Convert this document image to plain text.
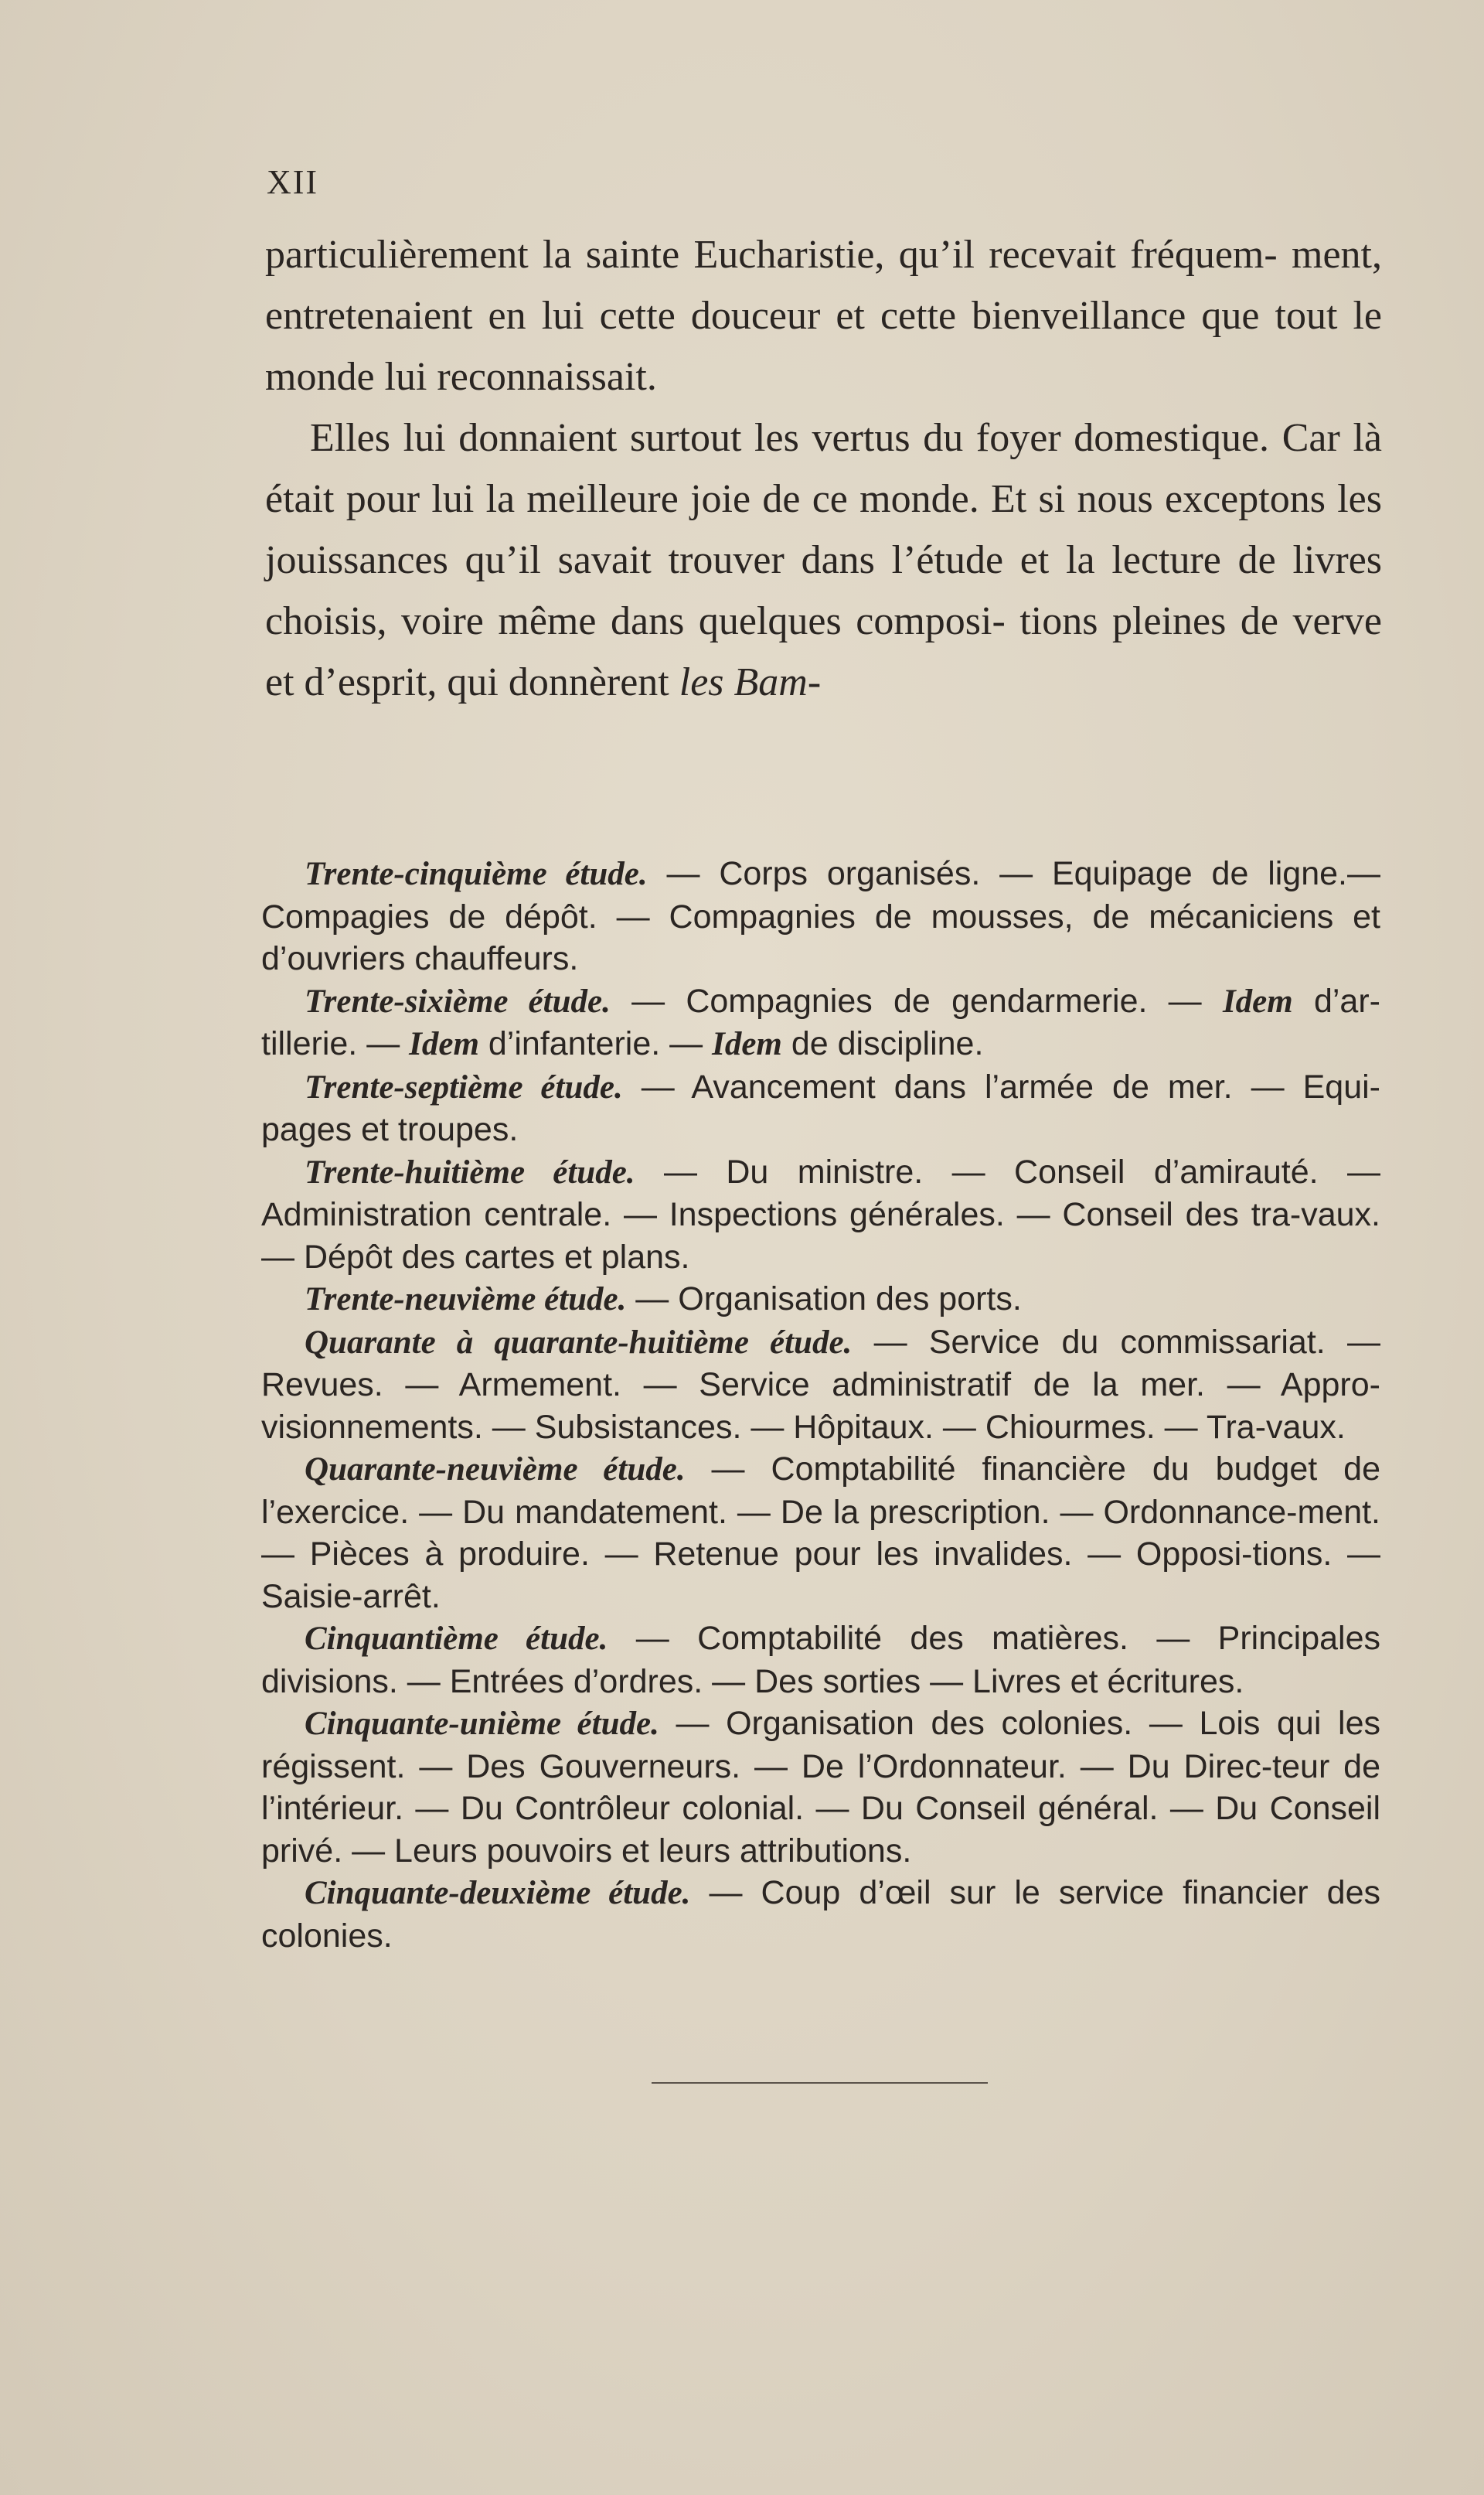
XII

particulièrement la sainte Eucharistie, qu’il recevait fréquem- ment, entretenaient en lui cette douceur et cette bienveillance que tout le monde lui reconnaissait.

Elles lui donnaient surtout les vertus du foyer domestique. Car là était pour lui la meilleure joie de ce monde. Et si nous exceptons les jouissances qu’il savait trouver dans l’étude et la lecture de livres choisis, voire même dans quelques composi- tions pleines de verve et d’esprit, qui donnèrent les Bam-

Trente-cinquième étude. — Corps organisés. — Equipage de ligne.— Compagies de dépôt. — Compagnies de mousses, de mécaniciens et d’ouvriers chauffeurs.

Trente-sixième étude. — Compagnies de gendarmerie. — Idem d’ar-tillerie. — Idem d’infanterie. — Idem de discipline.

Trente-septième étude. — Avancement dans l’armée de mer. — Equi-pages et troupes.

Trente-huitième étude. — Du ministre. — Conseil d’amirauté. — Administration centrale. — Inspections générales. — Conseil des tra-vaux. — Dépôt des cartes et plans.

Trente-neuvième étude. — Organisation des ports.

Quarante à quarante-huitième étude. — Service du commissariat. — Revues. — Armement. — Service administratif de la mer. — Appro-visionnements. — Subsistances. — Hôpitaux. — Chiourmes. — Tra-vaux.

Quarante-neuvième étude. — Comptabilité financière du budget de l’exercice. — Du mandatement. — De la prescription. — Ordonnance-ment. — Pièces à produire. — Retenue pour les invalides. — Opposi-tions. — Saisie-arrêt.

Cinquantième étude. — Comptabilité des matières. — Principales divisions. — Entrées d’ordres. — Des sorties — Livres et écritures.

Cinquante-unième étude. — Organisation des colonies. — Lois qui les régissent. — Des Gouverneurs. — De l’Ordonnateur. — Du Direc-teur de l’intérieur. — Du Contrôleur colonial. — Du Conseil général. — Du Conseil privé. — Leurs pouvoirs et leurs attributions.

Cinquante-deuxième étude. — Coup d’œil sur le service financier des colonies.
